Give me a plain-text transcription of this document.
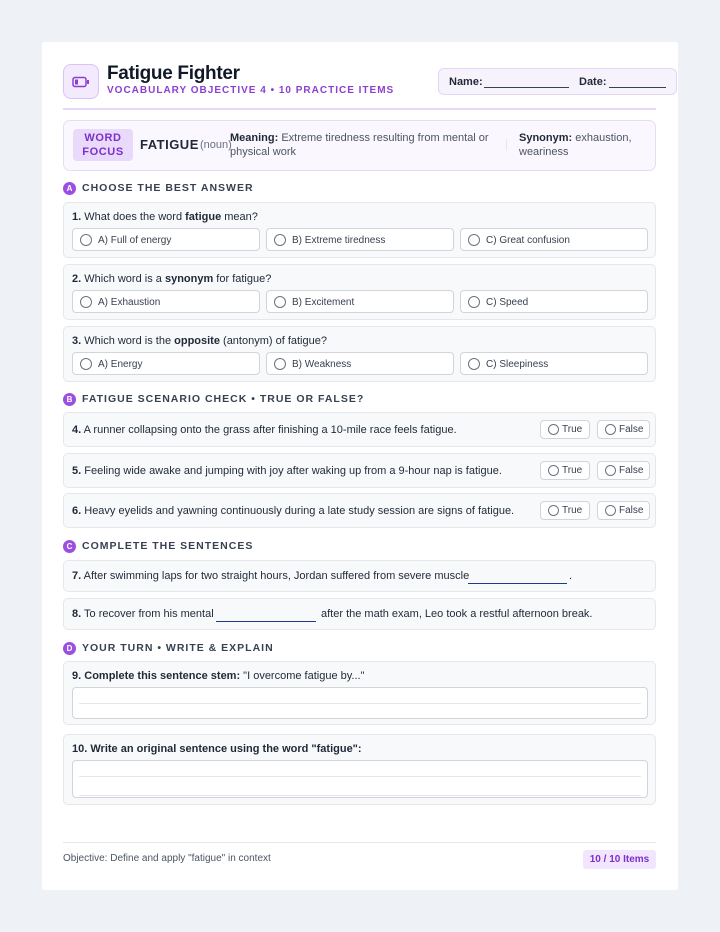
Fatigue Fighter
VOCABULARY OBJECTIVE 4 • 10 PRACTICE ITEMS
Name:	Date:
WORD
FOCUS	FATIGUE (noun)
Meaning: Extreme tiredness resulting from mental or physical work
Synonym: exhaustion, weariness
A CHOOSE THE BEST ANSWER
1. What does the word fatigue mean?
A) Full of energy	B) Extreme tiredness	C) Great confusion
2. Which word is a synonym for fatigue?
A) Exhaustion	B) Excitement	C) Speed
3. Which word is the opposite (antonym) of fatigue?
A) Energy	B) Weakness	C) Sleepiness
B FATIGUE SCENARIO CHECK • TRUE OR FALSE?
4. A runner collapsing onto the grass after finishing a 10-mile race feels fatigue.	True	False
5. Feeling wide awake and jumping with joy after waking up from a 9-hour nap is fatigue.	True	False
6. Heavy eyelids and yawning continuously during a late study session are signs of fatigue.	True	False
C COMPLETE THE SENTENCES
7. After swimming laps for two straight hours, Jordan suffered from severe muscle	.
8. To recover from his mental	after the math exam, Leo took a restful afternoon break.
D YOUR TURN • WRITE & EXPLAIN
9. Complete this sentence stem: "I overcome fatigue by..."
10. Write an original sentence using the word "fatigue":
Objective: Define and apply "fatigue" in context	10 / 10 Items
